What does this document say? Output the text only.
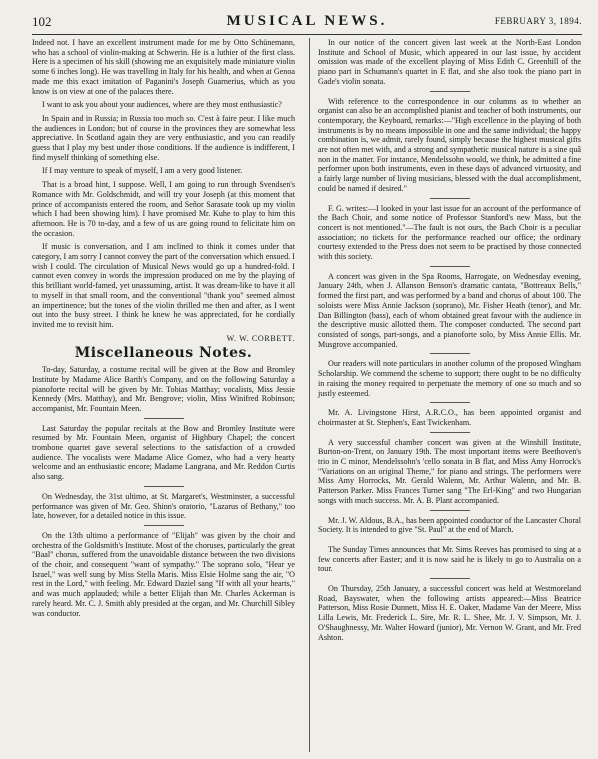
102	MUSICAL NEWS.	FEBRUARY 3, 1894.

Indeed not. I have an excellent instrument made for me by Otto Schünemann, who has a school of violin-making at Schwerin. He is a luthier of the first class. Here is a specimen of his skill (showing me an exquisitely made miniature violin some 6 inches long). He was travelling in Italy for his health, and when at Genoa made me this exact imitation of Paganini's Joseph Guarnerius, which as you know is on view at one of the palaces there.

I want to ask you about your audiences, where are they most enthusiastic?

In Spain and in Russia; in Russia too much so. C'est à faire peur. I like much the audiences in London; but of course in the provinces they are somewhat less appreciative. In Scotland again they are very enthusiastic, and you can readily guess that I play my best under those conditions. If the audience is indifferent, I find myself thinking of something else.

If I may venture to speak of myself, I am a very good listener.

That is a broad hint, I suppose. Well, I am going to run through Svendsen's Romance with Mr. Goldschmidt, and will try your Joseph (at this moment that prince of accompanists entered the room, and Señor Sarasate took up my violin which I had been showing him). I have promised Mr. Kuhe to play to him this afternoon. He is 70 to-day, and a few of us are going round to felicitate him on the occasion.

If music is conversation, and I am inclined to think it comes under that category, I am sorry I cannot convey the part of the conversation which ensued. I wish I could. The circulation of Musical News would go up a hundred-fold. I cannot even convey in words the impression produced on me by the playing of this brilliant world-famed, yet unassuming, artist. It was dream-like to have it all to myself in that small room, and the conventional "thank you" seemed almost an impertinence; but the tones of the violin thrilled me then and after, as I went out into the busy street. I think he knew he was appreciated, for he cordially invited me to revisit him.

W. W. CORBETT.

Miscellaneous Notes.

To-day, Saturday, a costume recital will be given at the Bow and Bromley Institute by Madame Alice Barth's Company, and on the following Saturday a pianoforte recital will be given by Mr. Tobias Matthay; vocalists, Miss Jessie Kennedy (Mrs. Matthay), and Mr. Bengrove; violin, Miss Winifred Robinson; accompanist, Mr. Fountain Meen.

Last Saturday the popular recitals at the Bow and Bromley Institute were resumed by Mr. Fountain Meen, organist of Highbury Chapel; the concert trombone quartet gave several selections to the satisfaction of a crowded audience. The vocalists were Madame Alice Gomez, who had a very hearty welcome and an enthusiastic encore; Madame Langrana, and Mr. Reddon Curtis also sang.

On Wednesday, the 31st ultimo, at St. Margaret's, Westminster, a successful performance was given of Mr. Geo. Shinn's oratorio, "Lazarus of Bethany," too late, however, for a detailed notice in this issue.

On the 13th ultimo a performance of "Elijah" was given by the choir and orchestra of the Goldsmith's Institute. Most of the choruses, particularly the great "Baal" chorus, suffered from the unavoidable distance between the two divisions of the choir, and consequent "want of sympathy." The soprano solo, "Hear ye Israel," was well sung by Miss Stella Maris. Miss Elsie Holme sang the air, "O rest in the Lord," with feeling. Mr. Edward Daziel sang "If with all your hearts," and was much applauded; while a better Elijah than Mr. Charles Ackerman is rarely heard. Mr. C. J. Smith ably presided at the organ, and Mr. Churchill Sibley was conductor.

In our notice of the concert given last week at the North-East London Institute and School of Music, which appeared in our last issue, by accident omission was made of the excellent playing of Miss Edith C. Greenhill of the piano part in Schumann's quartet in E flat, and she also took the piano part in Gade's violin sonata.

With reference to the correspondence in our columns as to whether an organist can also be an accomplished pianist and teacher of both instruments, our contemporary, the Keyboard, remarks:—"High excellence in the playing of both instruments is by no means impossible in one and the same individual; the happy combination is, we admit, rarely found, simply because the highest musical gifts are not often met with, and a strong and sympathetic musical nature is a sine quâ non in the matter. For instance, Mendelssohn would, we think, be admitted a fine performer upon both instruments, even in these days of advanced virtuosity, and a fairly large number of living musicians, blessed with the dual accomplishment, could be named if desired."

F. G. writes:—I looked in your last issue for an account of the performance of the Bach Choir, and some notice of Professor Stanford's new Mass, but the concert is not mentioned."—The fault is not ours, the Bach Choir is a peculiar association; no tickets for the performance reached our office; the ordinary courtesy extended to the Press does not seem to be practised by those connected with this society.

A concert was given in the Spa Rooms, Harrogate, on Wednesday evening, January 24th, when J. Allanson Benson's dramatic cantata, "Bottreaux Bells," formed the first part, and was performed by a band and chorus of about 100. The soloists were Miss Annie Jackson (soprano), Mr. Fisher Heath (tenor), and Mr. Dan Billington (bass), each of whom obtained great favour with the audience in the descriptive music allotted them. The composer conducted. The second part consisted of songs, part-songs, and a pianoforte solo, by Miss Annie Ellis. Mr. Musgrove accompanied.

Our readers will note particulars in another column of the proposed Wingham Scholarship. We commend the scheme to support; there ought to be no difficulty in raising the money required to perpetuate the memory of one so much and so justly esteemed.

Mr. A. Livingstone Hirst, A.R.C.O., has been appointed organist and choirmaster at St. Stephen's, East Twickenham.

A very successful chamber concert was given at the Winshill Institute, Burton-on-Trent, on January 19th. The most important items were Beethoven's trio in C minor, Mendelssohn's 'cello sonata in B flat, and Miss Amy Horrock's "Variations on an original Theme," for piano and strings. The performers were Miss Amy Horrocks, Mr. Gerald Walenn, Mr. Arthur Walenn, and Mr. B. Patterson Parker. Miss Frances Turner sang "The Erl-King" and two Hungarian songs with much success. Mr. A. B. Plant accompanied.

Mr. J. W. Aldous, B.A., has been appointed conductor of the Lancaster Choral Society. It is intended to give "St. Paul" at the end of March.

The Sunday Times announces that Mr. Sims Reeves has promised to sing at a few concerts after Easter; and it is now said he is likely to go to Australia on a tour.

On Thursday, 25th January, a successful concert was held at Westmoreland Road, Bayswater, when the following artists appeared:—Miss Beatrice Patterson, Miss Rosie Dunnett, Miss H. E. Oaker, Madame Van der Meere, Miss Lilla Lewis, Mr. Frederick L. Sire, Mr. R. L. Shee, Mr. J. V. Simpson, Mr. J. O'Shaughnessy, Mr. Walter Howard (junior), Mr. Vernon W. Grant, and Mr. Fred Ashton.
